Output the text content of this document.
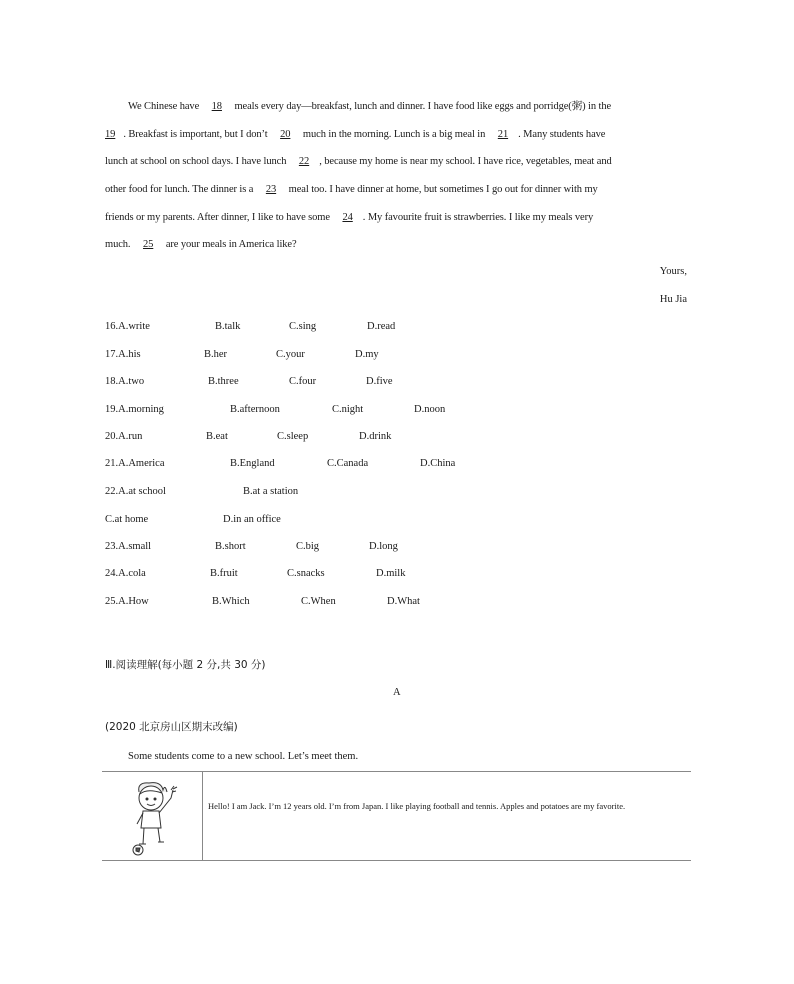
We Chinese have 18 meals every day—breakfast, lunch and dinner. I have food like eggs and porridge(粥) in the
19 . Breakfast is important, but I don’t 20 much in the morning. Lunch is a big meal in 21 . Many students have
lunch at school on school days. I have lunch 22 , because my home is near my school. I have rice, vegetables, meat and
other food for lunch. The dinner is a 23 meal too. I have dinner at home, but sometimes I go out for dinner with my
friends or my parents. After dinner, I like to have some 24 . My favourite fruit is strawberries. I like my meals very
much. 25 are your meals in America like?
Yours,
Hu Jia
16.A.write	B.talk	C.sing	D.read
17.A.his	B.her	C.your	D.my
18.A.two	B.three	C.four	D.five
19.A.morning	B.afternoon	C.night	D.noon
20.A.run	B.eat	C.sleep	D.drink
21.A.America	B.England	C.Canada	D.China
22.A.at school	B.at a station
C.at home	D.in an office
23.A.small	B.short	C.big	D.long
24.A.cola	B.fruit	C.snacks	D.milk
25.A.How	B.Which	C.When	D.What
Ⅲ.阅读理解(每小题 2 分,共 30 分)
A
(2020 北京房山区期末改编)
Some students come to a new school. Let’s meet them.
Hello! I am Jack. I’m 12 years old. I’m from Japan. I like playing football and tennis. Apples and potatoes are my favorite.
